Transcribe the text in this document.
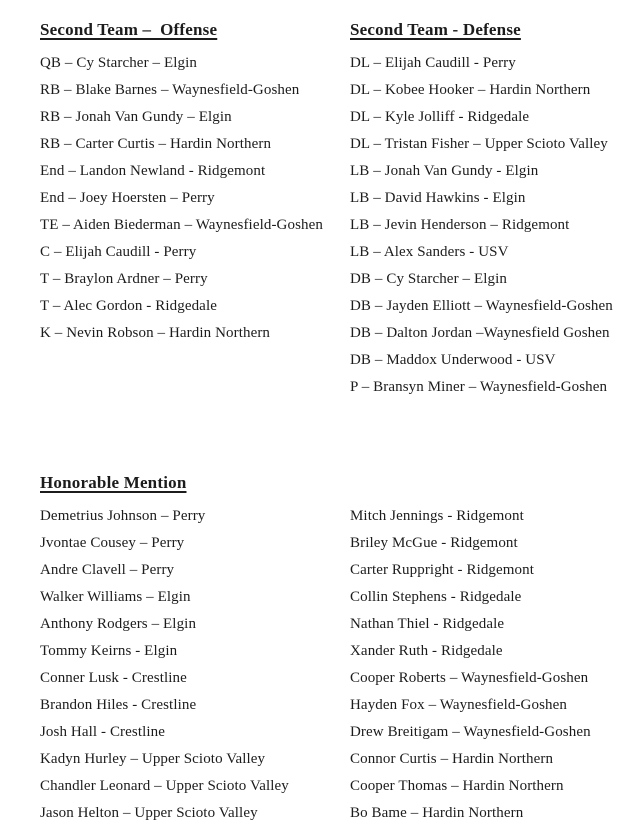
Second Team –  Offense
QB – Cy Starcher – Elgin
RB – Blake Barnes – Waynesfield-Goshen
RB – Jonah Van Gundy – Elgin
RB – Carter Curtis – Hardin Northern
End – Landon Newland - Ridgemont
End – Joey Hoersten – Perry
TE – Aiden Biederman – Waynesfield-Goshen
C – Elijah Caudill - Perry
T – Braylon Ardner – Perry
T – Alec Gordon - Ridgedale
K – Nevin Robson – Hardin Northern
Second Team - Defense
DL – Elijah Caudill - Perry
DL – Kobee Hooker – Hardin Northern
DL – Kyle Jolliff - Ridgedale
DL – Tristan Fisher – Upper Scioto Valley
LB – Jonah Van Gundy - Elgin
LB – David Hawkins - Elgin
LB – Jevin Henderson – Ridgemont
LB – Alex Sanders - USV
DB – Cy Starcher – Elgin
DB – Jayden Elliott – Waynesfield-Goshen
DB – Dalton Jordan –Waynesfield Goshen
DB – Maddox Underwood - USV
P – Bransyn Miner – Waynesfield-Goshen
Honorable Mention
Demetrius Johnson – Perry
Jvontae Cousey – Perry
Andre Clavell – Perry
Walker Williams – Elgin
Anthony Rodgers – Elgin
Tommy Keirns - Elgin
Conner Lusk - Crestline
Brandon Hiles - Crestline
Josh Hall - Crestline
Kadyn Hurley – Upper Scioto Valley
Chandler Leonard – Upper Scioto Valley
Jason Helton – Upper Scioto Valley
Mitch Jennings - Ridgemont
Briley McGue - Ridgemont
Carter Ruppright - Ridgemont
Collin Stephens - Ridgedale
Nathan Thiel - Ridgedale
Xander Ruth - Ridgedale
Cooper Roberts – Waynesfield-Goshen
Hayden Fox – Waynesfield-Goshen
Drew Breitigam – Waynesfield-Goshen
Connor Curtis – Hardin Northern
Cooper Thomas – Hardin Northern
Bo Bame – Hardin Northern
